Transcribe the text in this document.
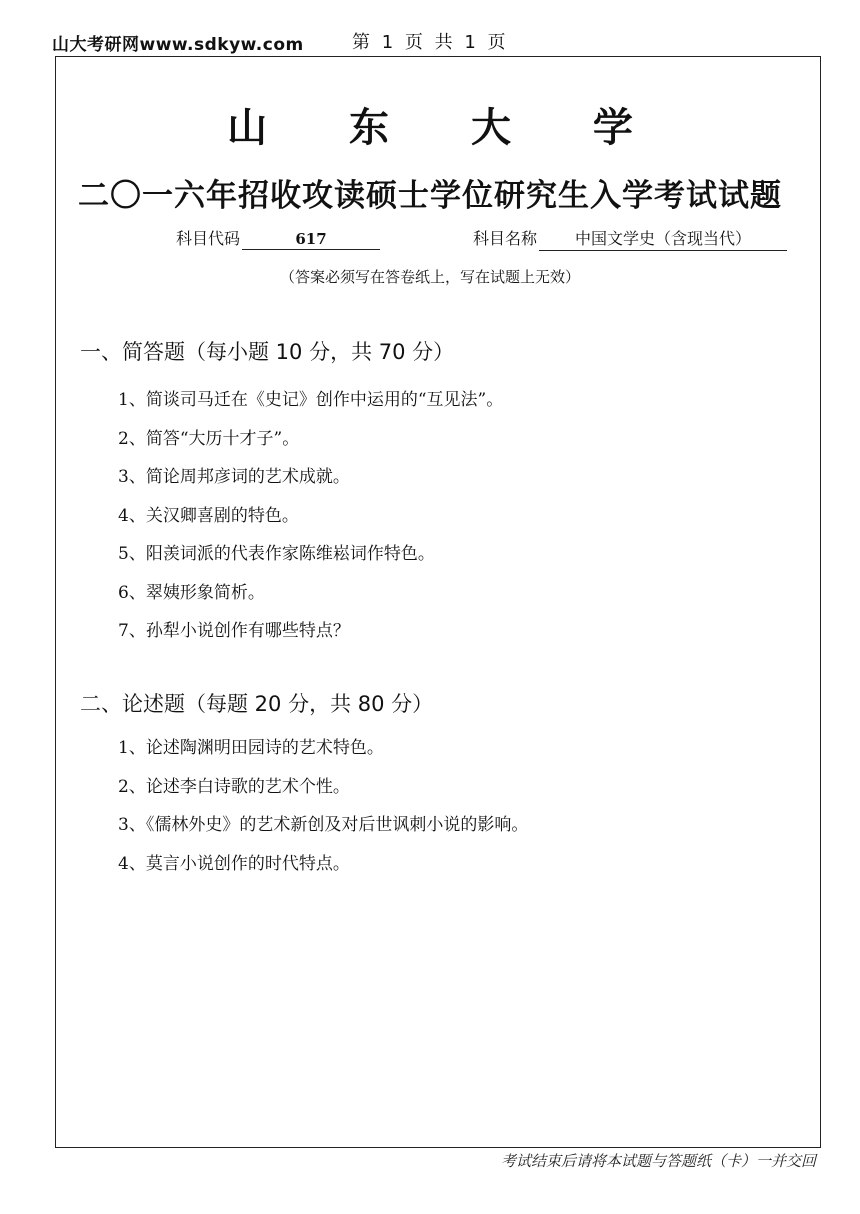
山大考研网www.sdkyw.com	第 1 页 共 1 页
山 东 大 学
二〇一六年招收攻读硕士学位研究生入学考试试题
科目代码	617	科目名称 中国文学史（含现当代）
（答案必须写在答卷纸上，写在试题上无效）
一、简答题（每小题 10 分，共 70 分）
1、简谈司马迁在《史记》创作中运用的“互见法”。
2、简答“大历十才子”。
3、简论周邦彦词的艺术成就。
4、关汉卿喜剧的特色。
5、阳羡词派的代表作家陈维崧词作特色。
6、翠姨形象简析。
7、孙犁小说创作有哪些特点？
二、论述题（每题 20 分，共 80 分）
1、论述陶渊明田园诗的艺术特色。
2、论述李白诗歌的艺术个性。
3、《儒林外史》的艺术新创及对后世讽刺小说的影响。
4、莫言小说创作的时代特点。
考试结束后请将本试题与答题纸（卡）一并交回
